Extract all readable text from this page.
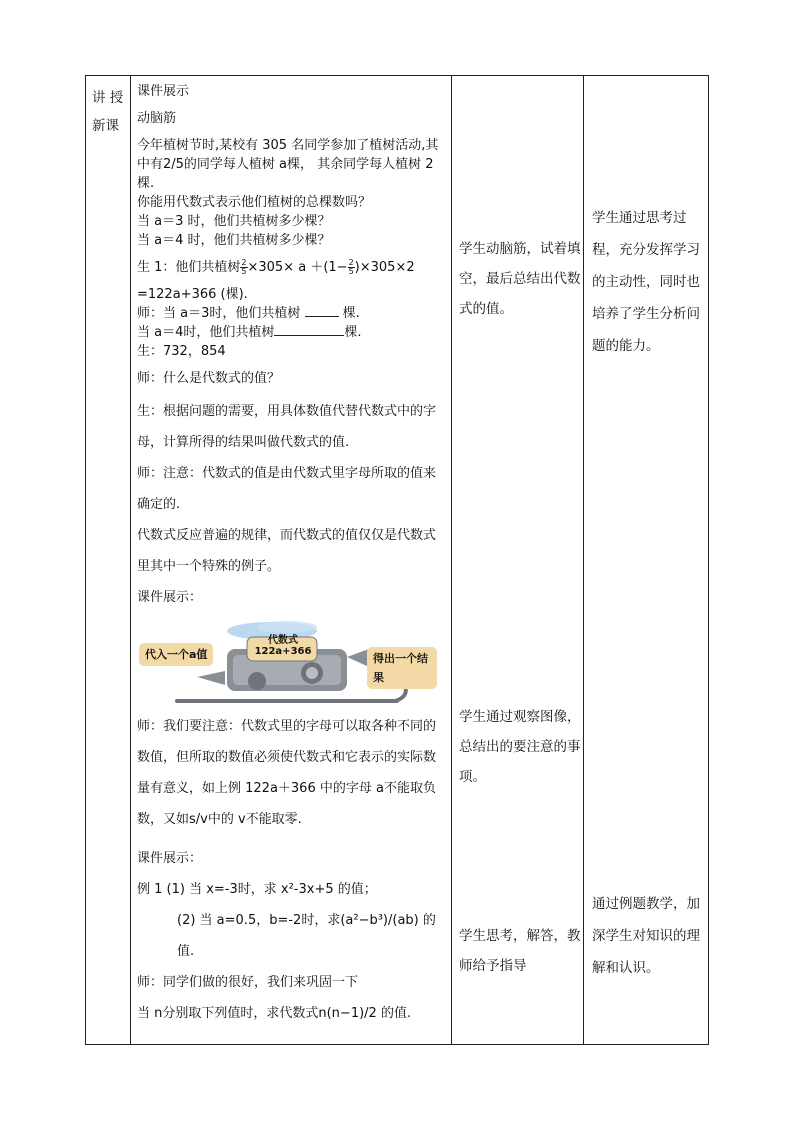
讲 授
新课

课件展示

动脑筋

今年植树节时,某校有 305 名同学参加了植树活动,其中有2/5的同学每人植树 a棵， 其余同学每人植树 2 棵.

你能用代数式表示他们植树的总棵数吗？

当 a＝3 时，他们共植树多少棵？

当 a＝4 时，他们共植树多少棵？

生 1：他们共植树 $\frac{2}{5} \times 305\times a +(1- \frac{2}{5} )\times 305\times 2$

=122a+366 (棵).

师：当 a＝3时，他们共植树	棵.

当 a＝4时，他们共植树	棵.

生：732，854

师：什么是代数式的值？

生：根据问题的需要，用具体数值代替代数式中的字母，计算所得的结果叫做代数式的值.

师：注意：代数式的值是由代数式里字母所取的值来确定的.

代数式反应普遍的规律，而代数式的值仅仅是代数式里其中一个特殊的例子。

课件展示：

代入一个a值
代数式
122a+366
得出一个结果

师：我们要注意：代数式里的字母可以取各种不同的数值，但所取的数值必须使代数式和它表示的实际数量有意义，如上例 122a＋366 中的字母 a不能取负数，又如s/v中的 v不能取零.

课件展示：

例 1 (1) 当 x=-3时，求 x²-3x+5 的值；

(2) 当 a=0.5，b=-2时，求(a²−b³)/(ab) 的值.

师：同学们做的很好，我们来巩固一下

当 n分别取下列值时，求代数式n(n−1)/2 的值.

学生动脑筋，试着填空，最后总结出代数式的值。
学生通过观察图像，总结出的要注意的事项。
学生思考，解答，教师给予指导
学生通过思考过程，充分发挥学习的主动性，同时也培养了学生分析问题的能力。
通过例题教学，加深学生对知识的理解和认识。
